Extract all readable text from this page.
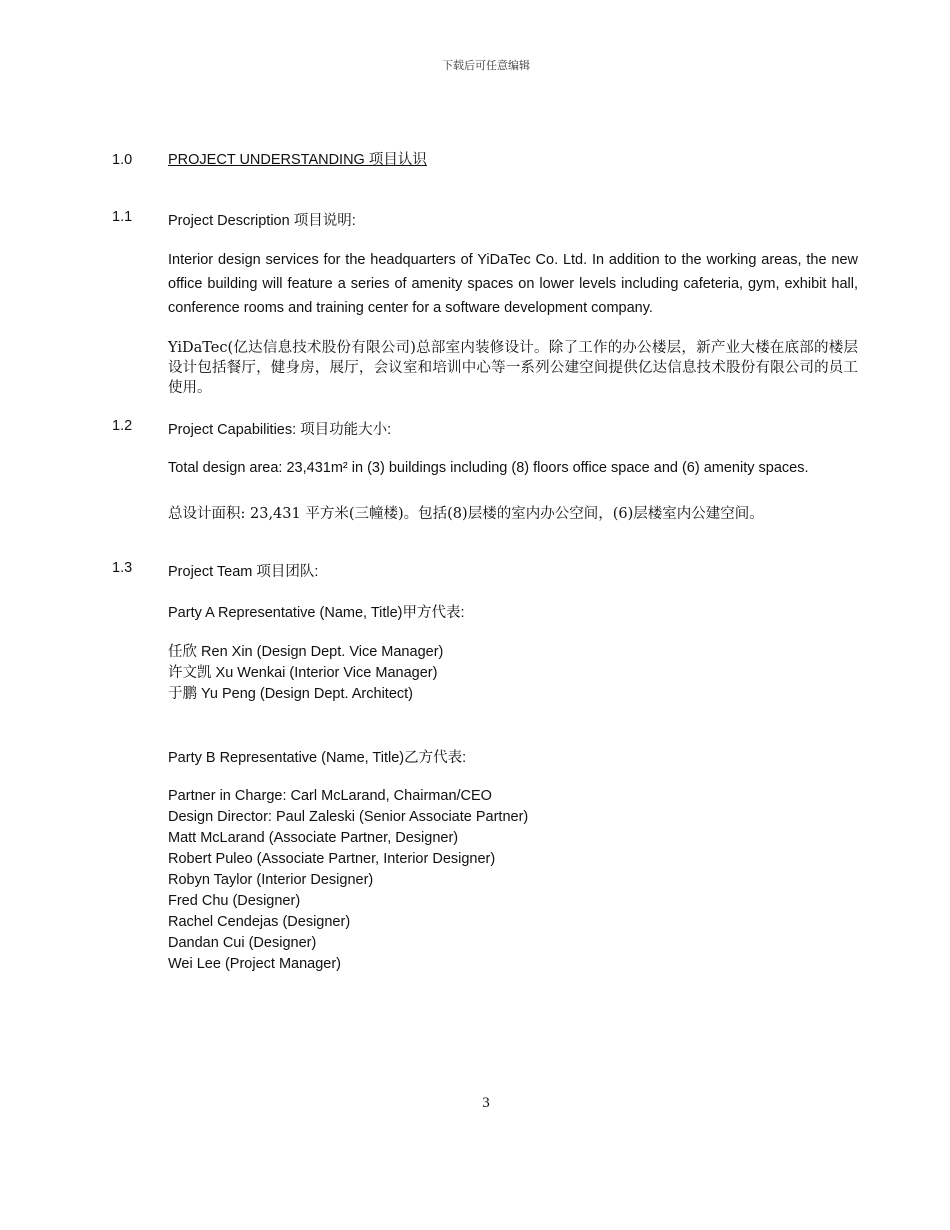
下载后可任意编辑
1.0 PROJECT UNDERSTANDING 项目认识
1.1 Project Description 项目说明:
Interior design services for the headquarters of YiDaTec Co. Ltd. In addition to the working areas, the new office building will feature a series of amenity spaces on lower levels including cafeteria, gym, exhibit hall, conference rooms and training center for a software development company.
YiDaTec(亿达信息技术股份有限公司)总部室内装修设计。除了工作的办公楼层，新产业大楼在底部的楼层设计包括餐厅，健身房，展厅，会议室和培训中心等一系列公建空间提供亿达信息技术股份有限公司的员工使用。
1.2 Project Capabilities: 项目功能大小:
Total design area: 23,431m² in (3) buildings including (8) floors office space and (6) amenity spaces.
总设计面积: 23,431 平方米(三幢楼)。包括(8)层楼的室内办公空间，(6)层楼室内公建空间。
1.3 Project Team 项目团队:
Party A Representative (Name, Title)甲方代表:
任欣 Ren Xin (Design Dept. Vice Manager)
许文凯 Xu Wenkai (Interior Vice Manager)
于鹏 Yu Peng (Design Dept. Architect)
Party B Representative (Name, Title)乙方代表:
Partner in Charge: Carl McLarand, Chairman/CEO
Design Director: Paul Zaleski (Senior Associate Partner)
Matt McLarand (Associate Partner, Designer)
Robert Puleo (Associate Partner, Interior Designer)
Robyn Taylor (Interior Designer)
Fred Chu (Designer)
Rachel Cendejas (Designer)
Dandan Cui (Designer)
Wei Lee (Project Manager)
3
